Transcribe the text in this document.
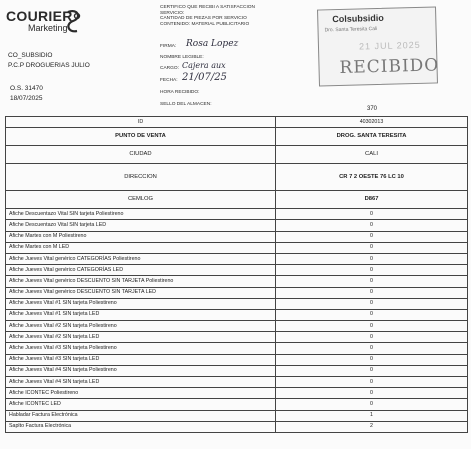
COURIER
Marketing
CO_SUBSIDIO
P.C.P DROGUERIAS JULIO
O.S. 31470
18/07/2025
CERTIFICO QUE RECIBI A SATISFACCION
SERVICIO:
CANTIDAD DE PIEZAS POR SERVICIO
CONTENIDO: MATERIAL PUBLICITARIO
FIRMA: Rosa Lopez
NOMBRE LEGIBLE:
CARGO: Cajera aux
FECHA: 21/07/25
HORA RECIBIDO:
SELLO DEL ALMACEN:
Colsubsidio
Dro. Santa Teresita Cali
21 JUL 2025
RECIBIDO
370
ID	40302013
PUNTO DE VENTA	DROG. SANTA TERESITA
CIUDAD	CALI
DIRECCION	CR 7 2 OESTE 76 LC 10
CEMLOG	D867
Afiche Descuentazo Vital SIN tarjeta Poliestireno	0
Afiche Descuentazo Vital SIN tarjeta LED	0
Afiche Martes con M Poliestireno	0
Afiche Martes con M LED	0
Afiche Jueves Vital genérico CATEGORÍAS Poliestireno	0
Afiche Jueves Vital genérico CATEGORÍAS LED	0
Afiche Jueves Vital genérico DESCUENTO SIN TARJETA Poliestireno	0
Afiche Jueves Vital genérico DESCUENTO SIN TARJETA LED	0
Afiche Jueves Vital #1 SIN tarjeta Poliestireno	0
Afiche Jueves Vital #1 SIN tarjeta LED	0
Afiche Jueves Vital #2 SIN tarjeta Poliestireno	0
Afiche Jueves Vital #2 SIN tarjeta LED	0
Afiche Jueves Vital #3 SIN tarjeta Poliestireno	0
Afiche Jueves Vital #3 SIN tarjeta LED	0
Afiche Jueves Vital #4 SIN tarjeta Poliestireno	0
Afiche Jueves Vital #4 SIN tarjeta LED	0
Afiche ICONTEC Poliestireno	0
Afiche ICONTEC LED	0
Habladar Factura Electrónica	1
Saplto Factura Electrónica	2
